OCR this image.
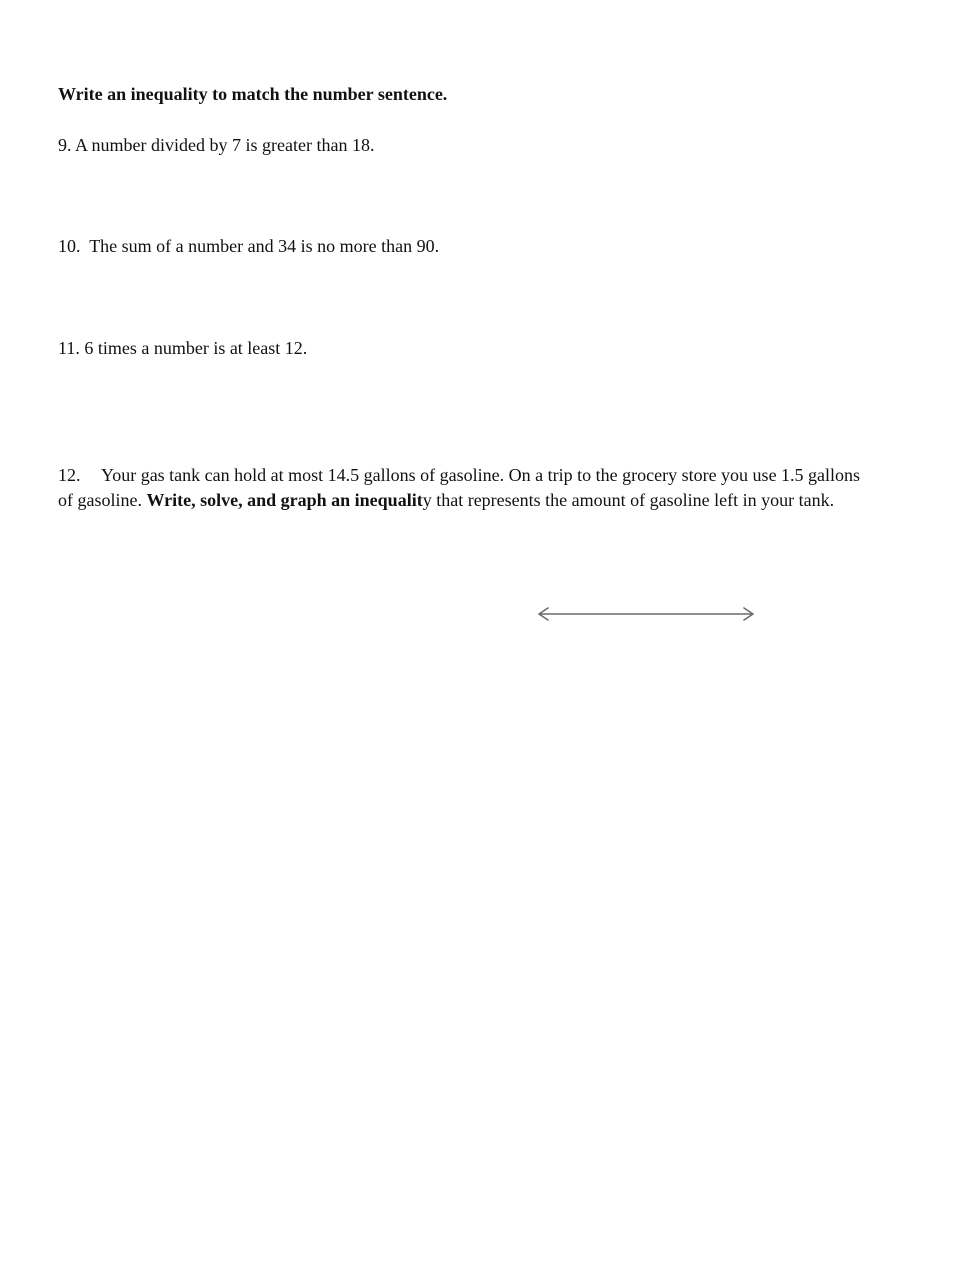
Write an inequality to match the number sentence.
9. A number divided by 7 is greater than 18.
10. The sum of a number and 34 is no more than 90.
11. 6 times a number is at least 12.
12. Your gas tank can hold at most 14.5 gallons of gasoline. On a trip to the grocery store you use 1.5 gallons
of gasoline. Write, solve, and graph an inequality that represents the amount of gasoline left in your tank.
